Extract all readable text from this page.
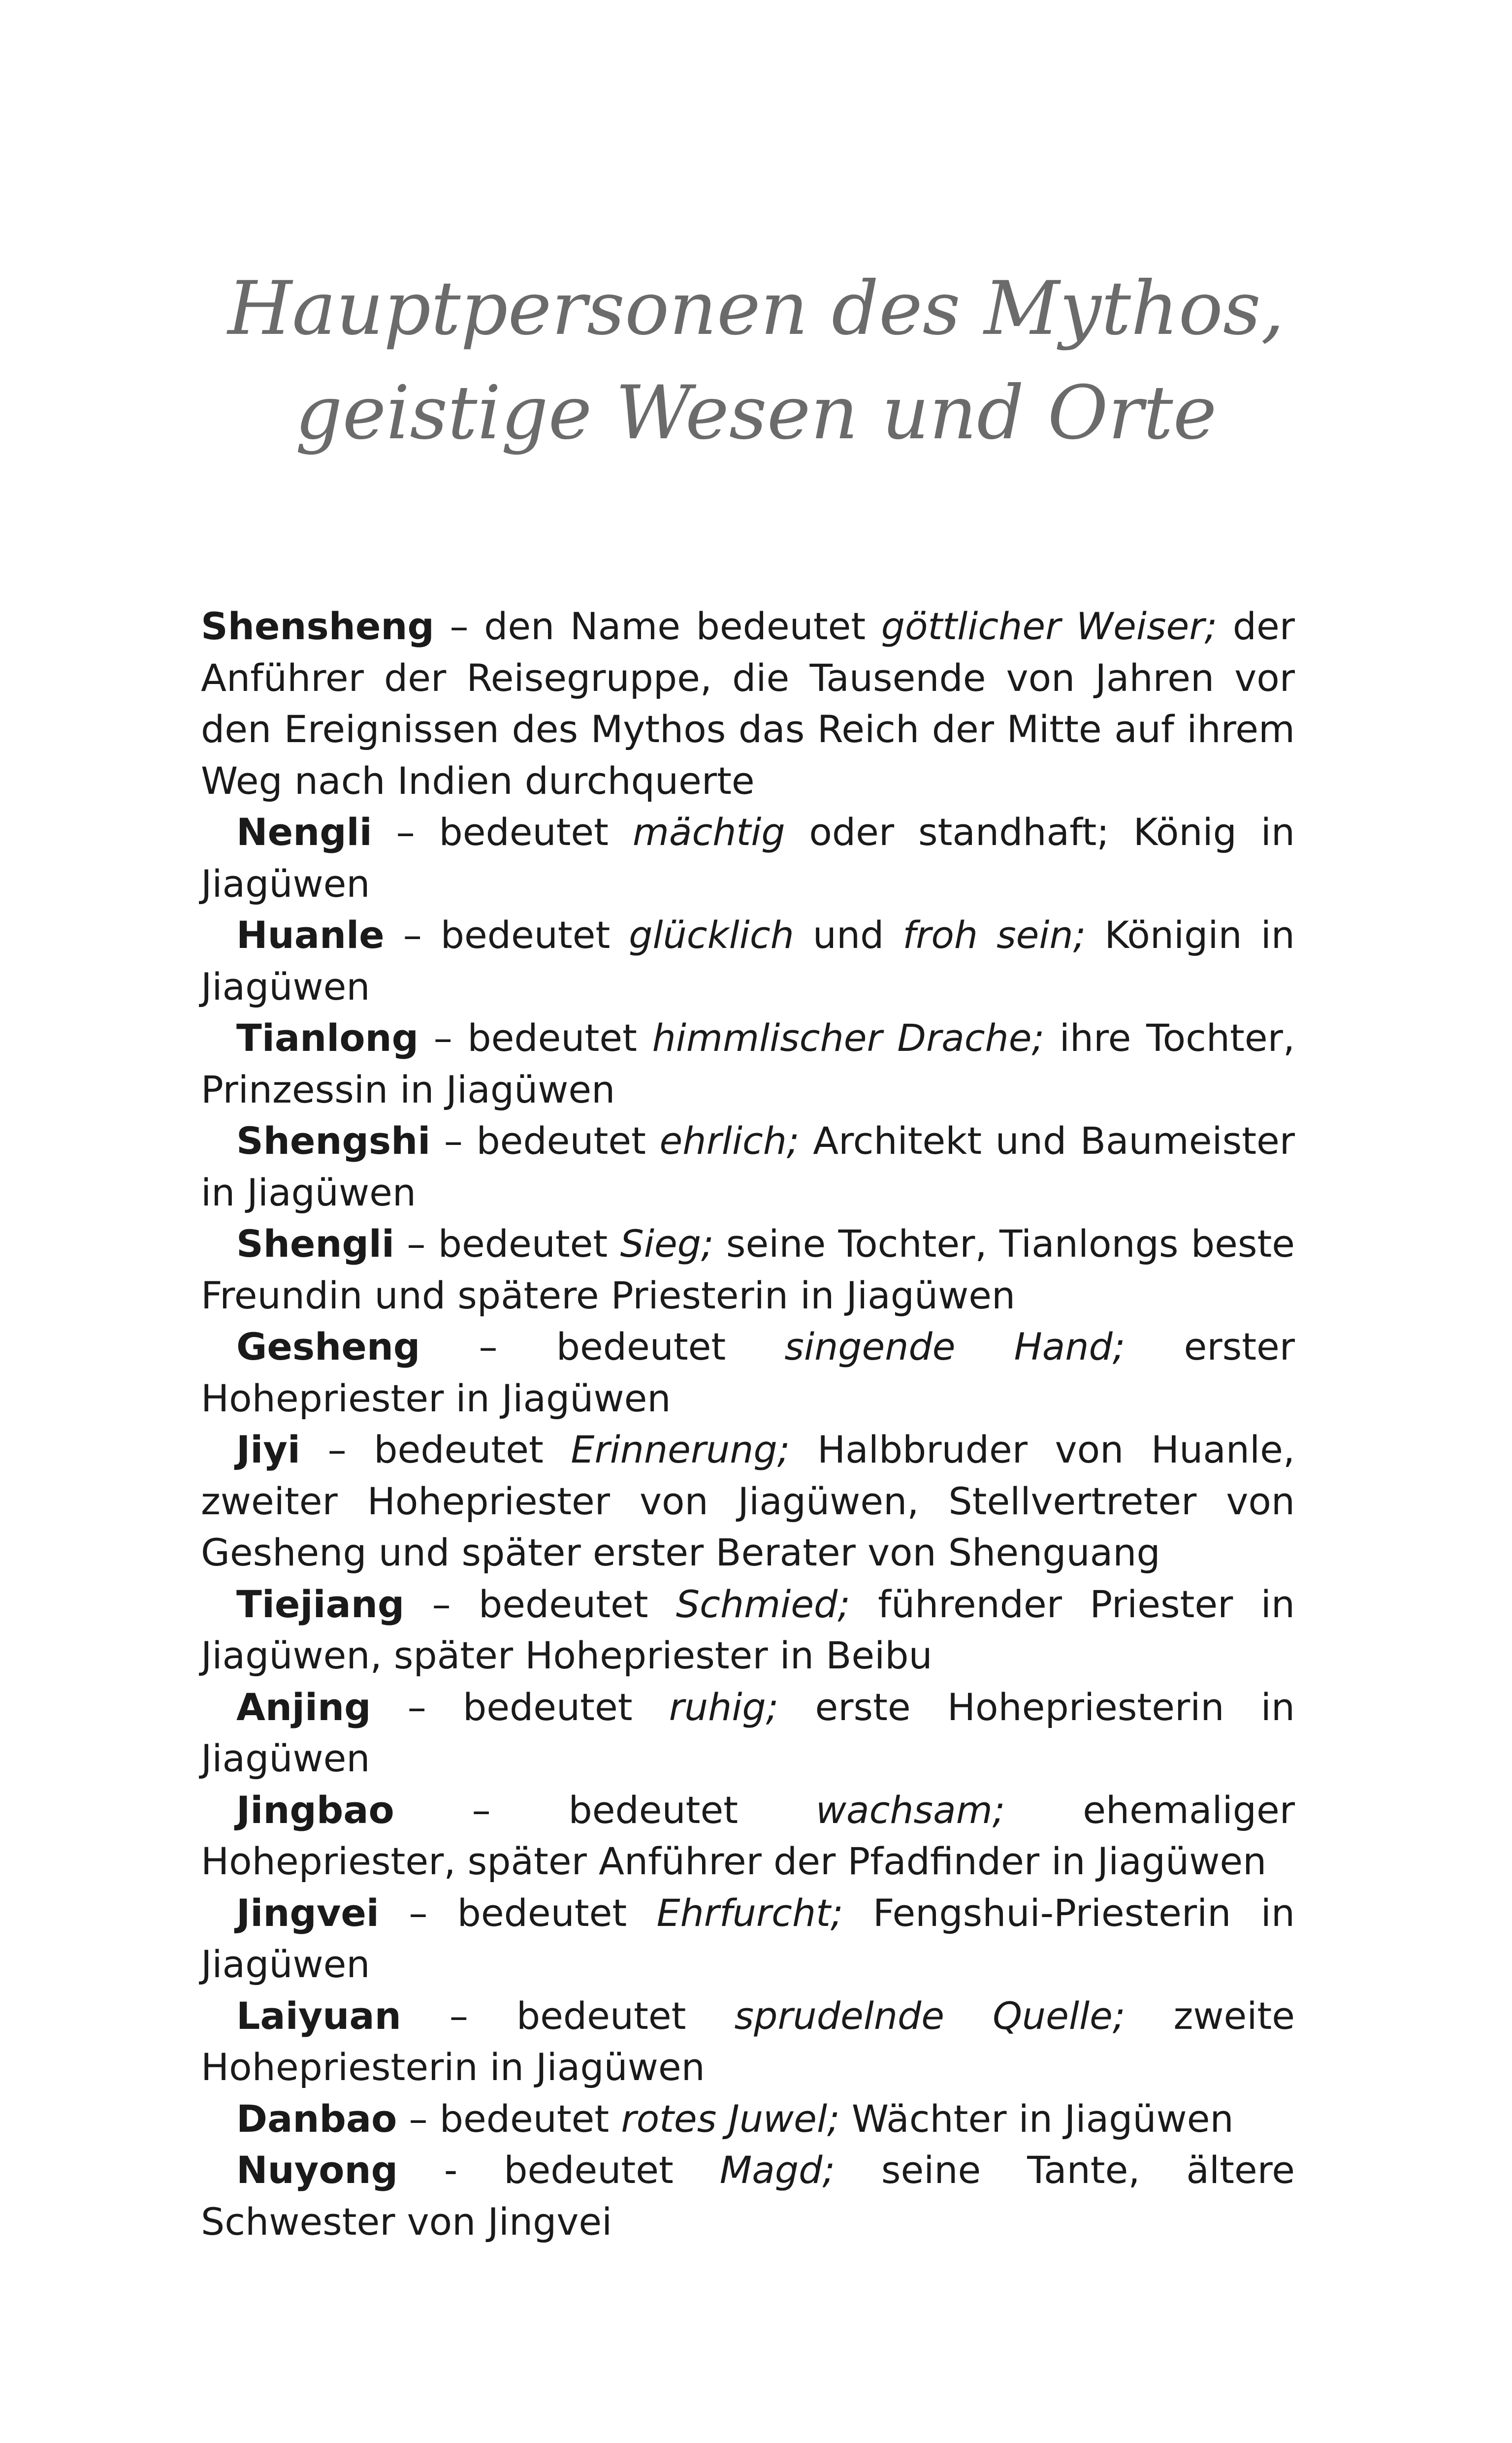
Hauptpersonen des Mythos,
geistige Wesen und Orte

Shensheng – den Name bedeutet göttlicher Weiser; der Anführer der Reisegruppe, die Tausende von Jahren vor den Ereignissen des Mythos das Reich der Mitte auf ihrem Weg nach Indien durchquerte

Nengli – bedeutet mächtig oder standhaft; König in Jiagüwen

Huanle – bedeutet glücklich und froh sein; Königin in Jiagüwen

Tianlong – bedeutet himmlischer Drache; ihre Tochter, Prinzessin in Jiagüwen

Shengshi – bedeutet ehrlich; Architekt und Baumeister in Jiagüwen

Shengli – bedeutet Sieg; seine Tochter, Tianlongs beste Freundin und spätere Priesterin in Jiagüwen

Gesheng – bedeutet singende Hand; erster Hohepriester in Jiagüwen

Jiyi – bedeutet Erinnerung; Halbbruder von Huanle, zweiter Hohepriester von Jiagüwen, Stellvertreter von Gesheng und später erster Berater von Shenguang

Tiejiang – bedeutet Schmied; führender Priester in Jiagüwen, später Hohepriester in Beibu

Anjing – bedeutet ruhig; erste Hohepriesterin in Jiagüwen

Jingbao – bedeutet wachsam; ehemaliger Hohepriester, später Anführer der Pfadfinder in Jiagüwen

Jingvei – bedeutet Ehrfurcht; Fengshui-Priesterin in Jiagüwen

Laiyuan – bedeutet sprudelnde Quelle; zweite Hohepriesterin in Jiagüwen

Danbao – bedeutet rotes Juwel; Wächter in Jiagüwen

Nuyong - bedeutet Magd; seine Tante, ältere Schwester von Jingvei
